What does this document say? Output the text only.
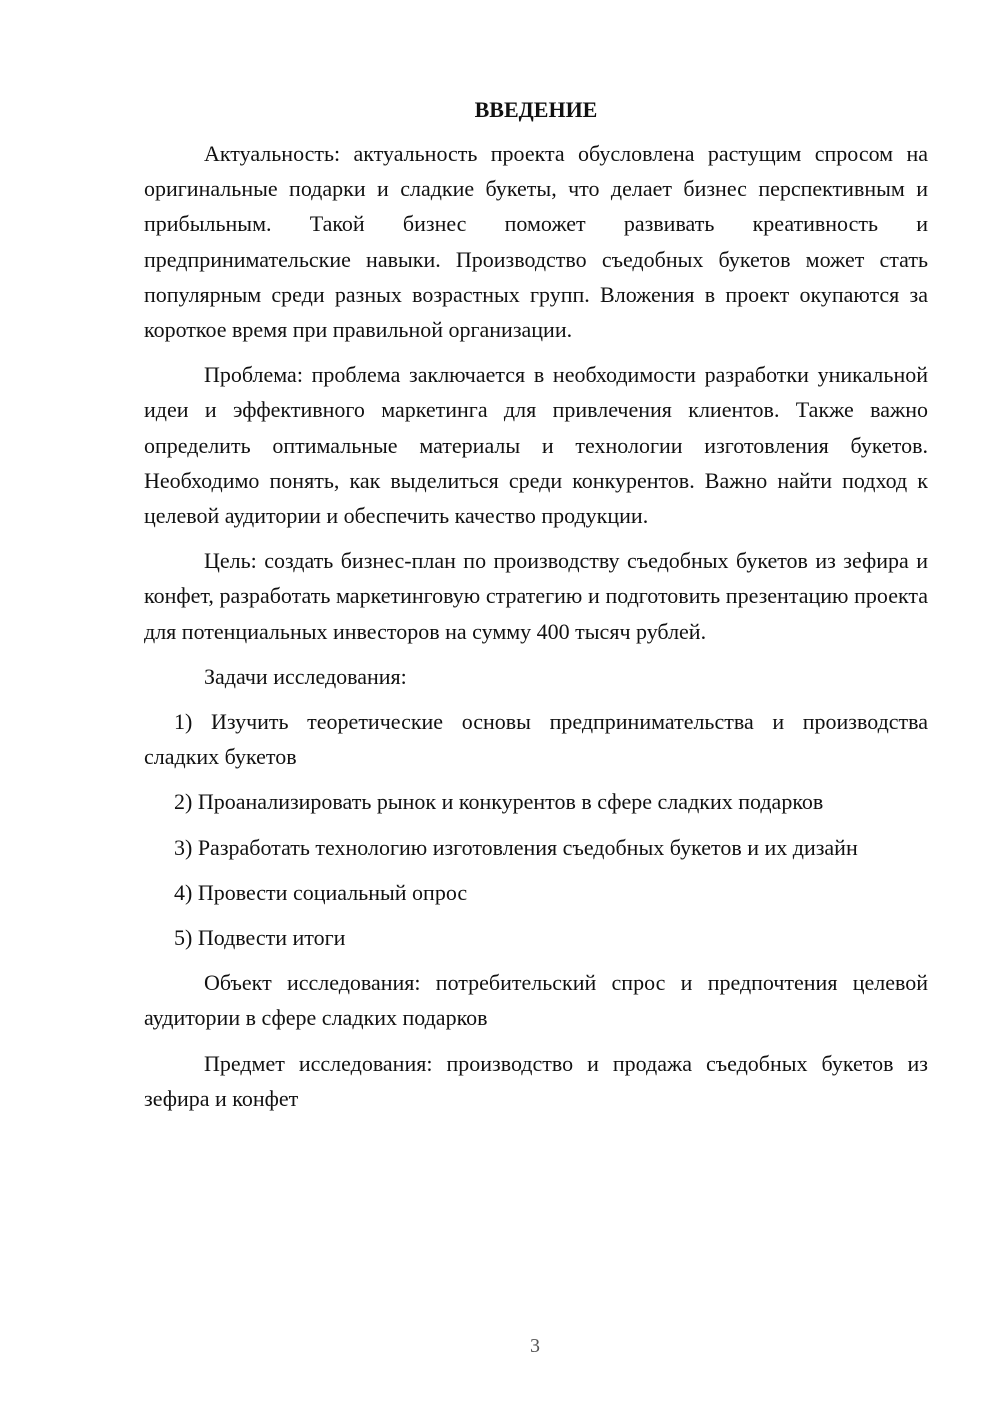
ВВЕДЕНИЕ

Актуальность: актуальность проекта обусловлена растущим спросом на оригинальные подарки и сладкие букеты, что делает бизнес перспективным и прибыльным. Такой бизнес поможет развивать креативность и предпринимательские навыки. Производство съедобных букетов может стать популярным среди разных возрастных групп. Вложения в проект окупаются за короткое время при правильной организации.

Проблема: проблема заключается в необходимости разработки уникальной идеи и эффективного маркетинга для привлечения клиентов. Также важно определить оптимальные материалы и технологии изготовления букетов. Необходимо понять, как выделиться среди конкурентов. Важно найти подход к целевой аудитории и обеспечить качество продукции.

Цель: создать бизнес-план по производству съедобных букетов из зефира и конфет, разработать маркетинговую стратегию и подготовить презентацию проекта для потенциальных инвесторов на сумму 400 тысяч рублей.

Задачи исследования:

1) Изучить теоретические основы предпринимательства и производства сладких букетов

2) Проанализировать рынок и конкурентов в сфере сладких подарков

3) Разработать технологию изготовления съедобных букетов и их дизайн

4) Провести социальный опрос

5) Подвести итоги

Объект исследования: потребительский спрос и предпочтения целевой аудитории в сфере сладких подарков

Предмет исследования: производство и продажа съедобных букетов из зефира и конфет

3
